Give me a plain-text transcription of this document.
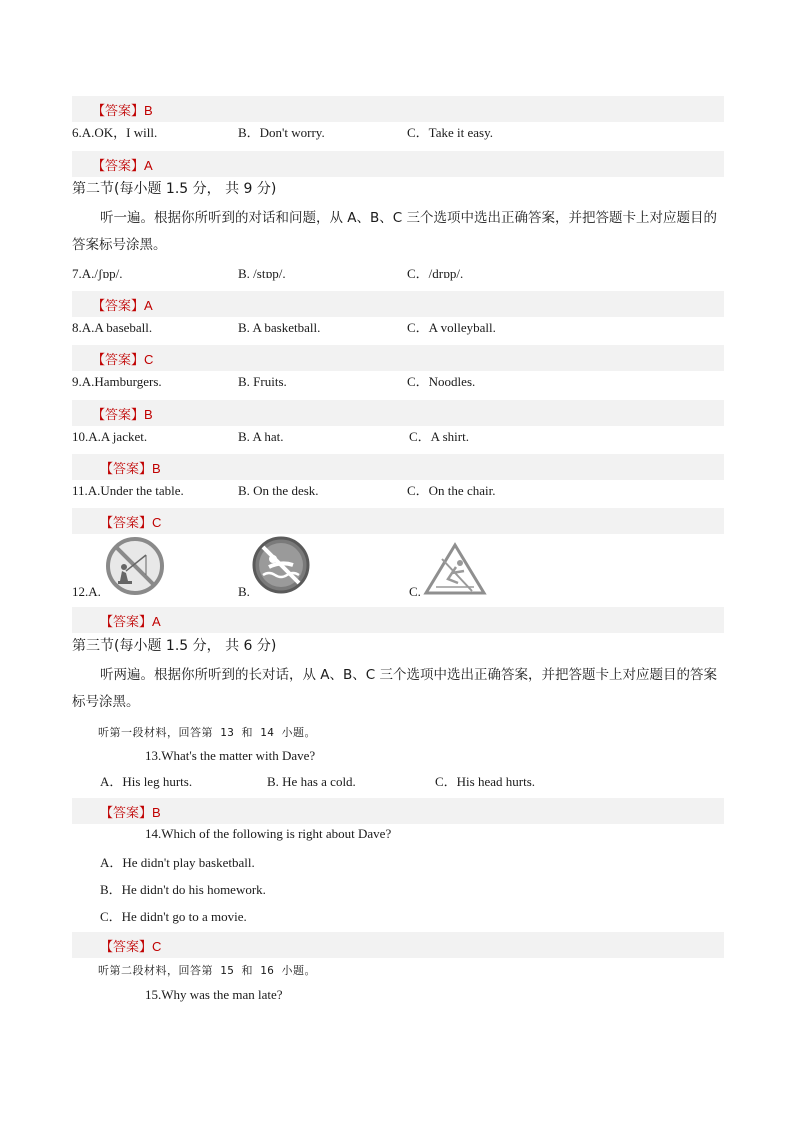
【答案】B
6.A.OK，I will.	B．Don't worry.	C．Take it easy.
【答案】A
第二节(每小题 1.5 分， 共 9 分)
听一遍。根据你所听到的对话和问题，从 A、B、C 三个选项中选出正确答案，并把答题卡上对应题目的答案标号涂黑。
7.A./ʃɒp/.	B. /stɒp/.	C．/drɒp/.
【答案】A
8.A.A baseball.	B. A basketball.	C．A volleyball.
【答案】C
9.A.Hamburgers.	B. Fruits.	C．Noodles.
【答案】B
10.A.A jacket.	B. A hat.	C．A shirt.
【答案】B
11.A.Under the table.	B. On the desk.	C．On the chair.
【答案】C
12.A.	B.	C.
【答案】A
第三节(每小题 1.5 分， 共 6 分)
听两遍。根据你所听到的长对话，从 A、B、C 三个选项中选出正确答案，并把答题卡上对应题目的答案标号涂黑。
听第一段材料，回答第 13 和 14 小题。
13.What's the matter with Dave?
A．His leg hurts.	B. He has a cold.	C．His head hurts.
【答案】B
14.Which of the following is right about Dave?
A．He didn't play basketball.
B．He didn't do his homework.
C．He didn't go to a movie.
【答案】C
听第二段材料，回答第 15 和 16 小题。
15.Why was the man late?
